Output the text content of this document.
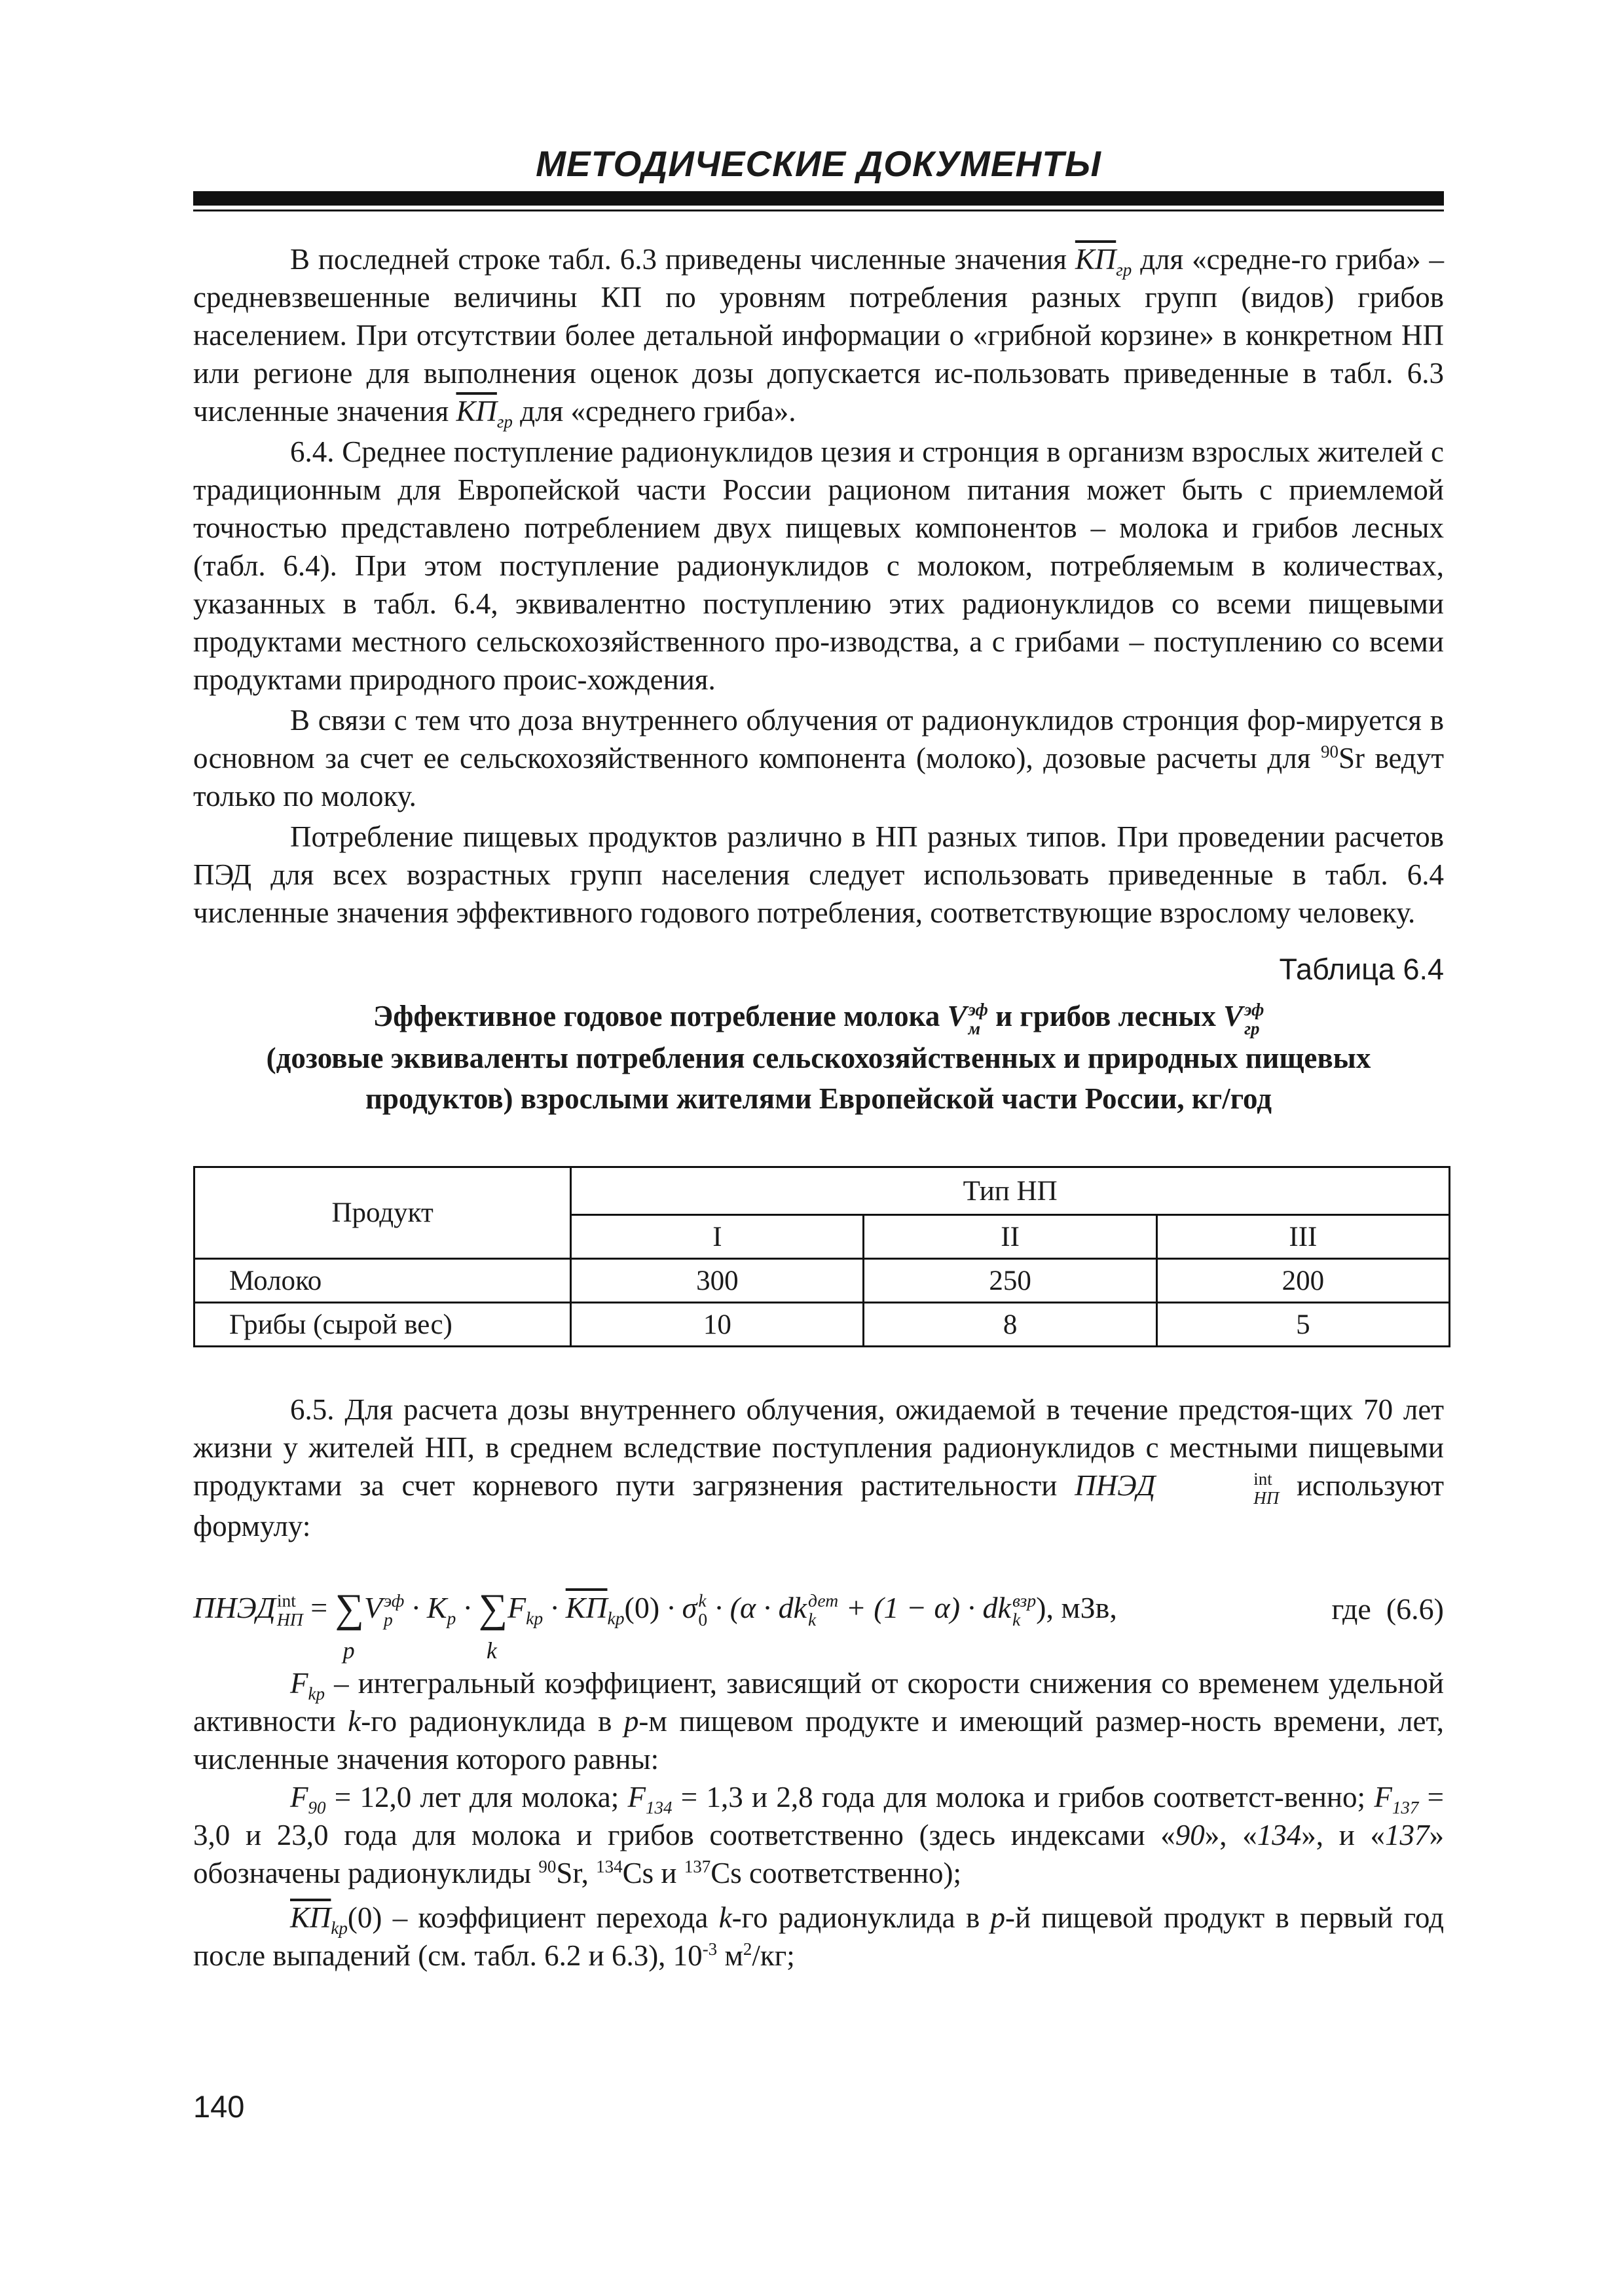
МЕТОДИЧЕСКИЕ ДОКУМЕНТЫ

В последней строке табл. 6.3 приведены численные значения $КП_{гр}$ для «средне-го гриба» – средневзвешенные величины КП по уровням потребления разных групп (видов) грибов населением. При отсутствии более детальной информации о «грибной корзине» в конкретном НП или регионе для выполнения оценок дозы допускается ис-пользовать приведенные в табл. 6.3 численные значения $КП_{гр}$ для «среднего гриба».

6.4. Среднее поступление радионуклидов цезия и стронция в организм взрослых жителей с традиционным для Европейской части России рационом питания может быть с приемлемой точностью представлено потреблением двух пищевых компонентов – молока и грибов лесных (табл. 6.4). При этом поступление радионуклидов с молоком, потребляемым в количествах, указанных в табл. 6.4, эквивалентно поступлению этих радионуклидов со всеми пищевыми продуктами местного сельскохозяйственного про-изводства, а с грибами – поступлению со всеми продуктами природного проис-хождения.

В связи с тем что доза внутреннего облучения от радионуклидов стронция фор-мируется в основном за счет ее сельскохозяйственного компонента (молоко), дозовые расчеты для $^{90}$Sr ведут только по молоку.

Потребление пищевых продуктов различно в НП разных типов. При проведении расчетов ПЭД для всех возрастных групп населения следует использовать приведенные в табл. 6.4 численные значения эффективного годового потребления, соответствующие взрослому человеку.

Таблица 6.4
Эффективное годовое потребление молока V эф
м и грибов лесных V эф
гр

(дозовые эквиваленты потребления сельскохозяйственных и природных пищевых продуктов) взрослыми жителями Европейской части России, кг/год
Продукт	Тип НП		
	I	II	III
Молоко	300	250	200
Грибы (сырой вес)	10	8	5

6.5. Для расчета дозы внутреннего облучения, ожидаемой в течение предстоя-щих 70 лет жизни у жителей НП, в среднем вследствие поступления радионуклидов с местными пищевыми продуктами за счет корневого пути загрязнения растительности ПНЭД	int
НП используют формулу:

ПНЭД int
НП = ∑
p
V эф
$p \cdot K_p$ · ∑
k
$F_{kp} \cdot КП_{kp}(0) \cdot \sigma$ k
0 · (α · dk дет
k + (1 − α) · dk взр
k ), мЗв,	где (6.6)

$F_{kp}$ – интегральный коэффициент, зависящий от скорости снижения со временем удельной активности k-го радионуклида в p-м пищевом продукте и имеющий размер-ность времени, лет, численные значения которого равны:

$F_{90} = 12,0$ лет для молока; $F_{134} = 1,3$ и 2,8 года для молока и грибов соответст-венно; $F_{137} = 3,0$ и 23,0 года для молока и грибов соответственно (здесь индексами «90», «134», и «137» обозначены радионуклиды $^{90}$Sr, $^{134}$Cs и $^{137}$Cs соответственно);

$КП_{kp}(0)$ – коэффициент перехода k-го радионуклида в p-й пищевой продукт в первый год после выпадений (см. табл. 6.2 и 6.3), $10^{-3}$ $м^2/кг$;

140
